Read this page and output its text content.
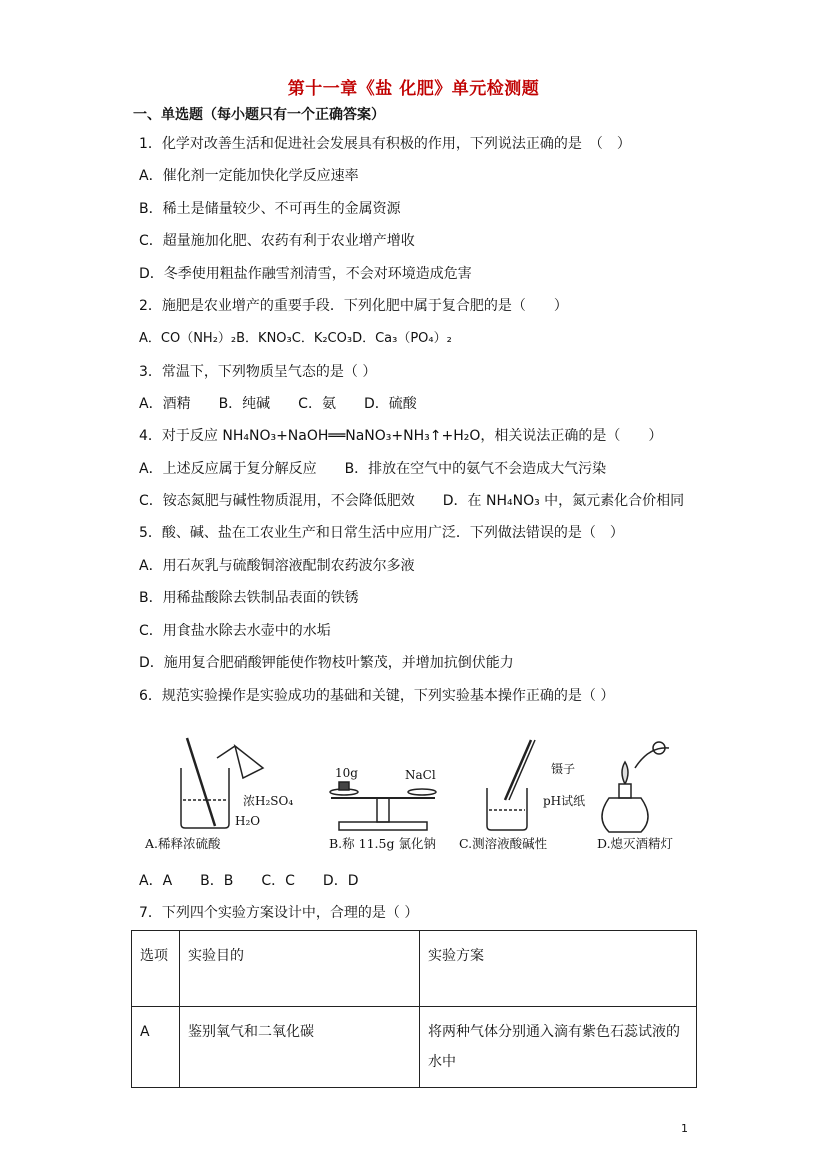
第十一章《盐 化肥》单元检测题
一、单选题（每小题只有一个正确答案）
1．化学对改善生活和促进社会发展具有积极的作用，下列说法正确的是　（　）
A．催化剂一定能加快化学反应速率
B．稀土是储量较少、不可再生的金属资源
C．超量施加化肥、农药有利于农业增产增收
D．冬季使用粗盐作融雪剂清雪，不会对环境造成危害
2．施肥是农业增产的重要手段．下列化肥中属于复合肥的是（　　）
A．CO（NH₂）₂B．KNO₃C．K₂CO₃D．Ca₃（PO₄）₂
3．常温下，下列物质呈气态的是（ ）
A．酒精　　B．纯碱　　C．氨　　D．硫酸
4．对于反应 NH₄NO₃+NaOH══NaNO₃+NH₃↑+H₂O，相关说法正确的是（　　）
A．上述反应属于复分解反应　　B．排放在空气中的氨气不会造成大气污染
C．铵态氮肥与碱性物质混用，不会降低肥效　　D．在 NH₄NO₃ 中，氮元素化合价相同
5．酸、碱、盐在工农业生产和日常生活中应用广泛．下列做法错误的是（　）
A．用石灰乳与硫酸铜溶液配制农药波尔多液
B．用稀盐酸除去铁制品表面的铁锈
C．用食盐水除去水壶中的水垢
D．施用复合肥硝酸钾能使作物枝叶繁茂，并增加抗倒伏能力
6．规范实验操作是实验成功的基础和关键，下列实验基本操作正确的是（ ）
浓H₂SO₄
H₂O
10g	NaCl	镊子
pH试纸
A.稀释浓硫酸	B.称 11.5g 氯化钠 C.测溶液酸碱性	D.熄灭酒精灯
A．A　　B．B　　C．C　　D．D
7．下列四个实验方案设计中，合理的是（ ）
选项	实验目的	实验方案
A	鉴别氧气和二氧化碳	将两种气体分别通入滴有紫色石蕊试液的水中
1
